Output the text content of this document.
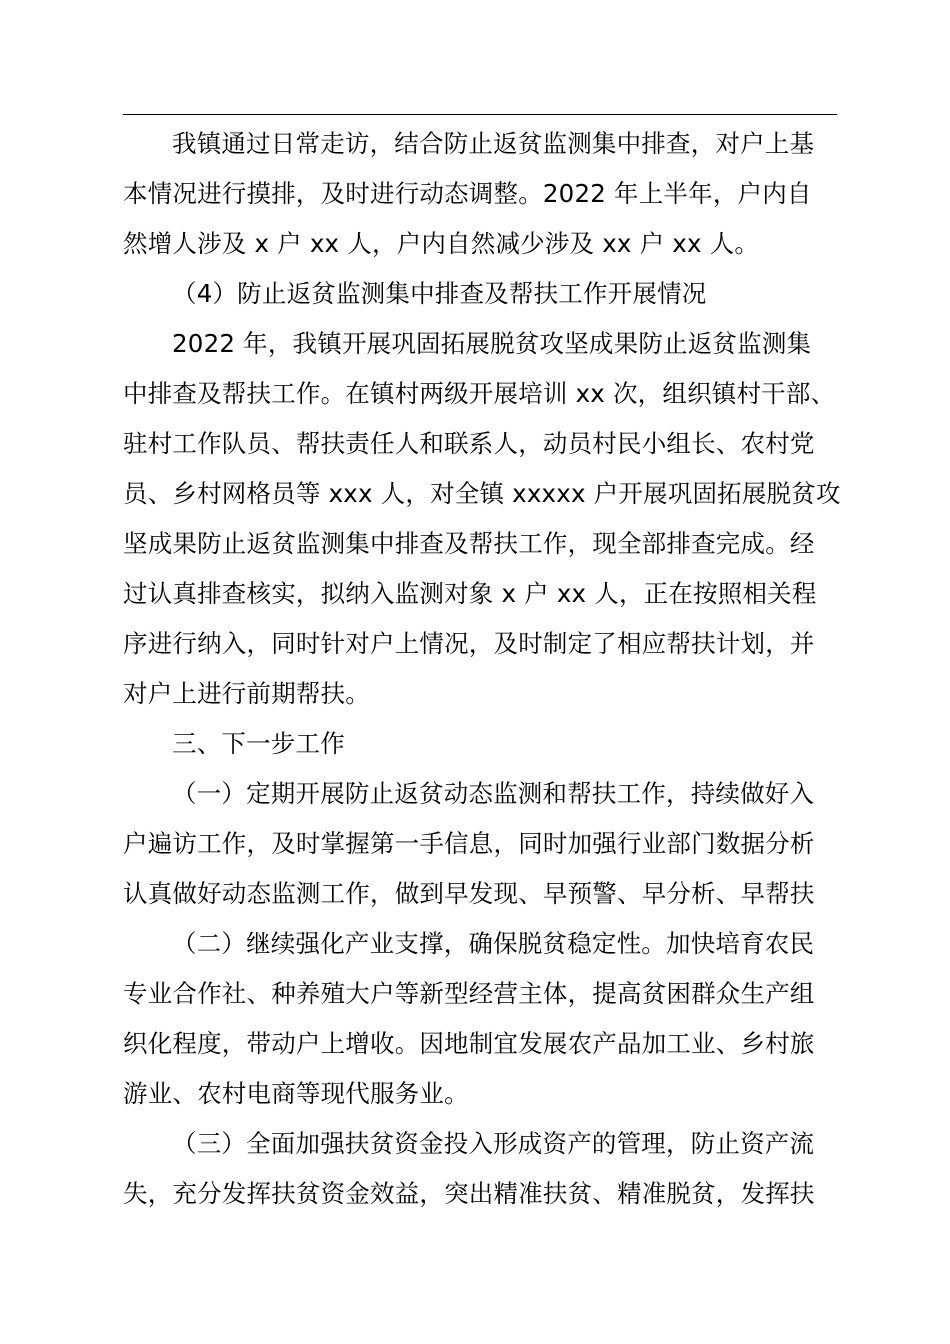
我镇通过日常走访，结合防止返贫监测集中排查，对户上基
本情况进行摸排，及时进行动态调整。2022 年上半年，户内自
然增人涉及 x 户 xx 人，户内自然减少涉及 xx 户 xx 人。
（4）防止返贫监测集中排查及帮扶工作开展情况
2022 年，我镇开展巩固拓展脱贫攻坚成果防止返贫监测集
中排查及帮扶工作。在镇村两级开展培训 xx 次，组织镇村干部、
驻村工作队员、帮扶责任人和联系人，动员村民小组长、农村党
员、乡村网格员等 xxx 人，对全镇 xxxxx 户开展巩固拓展脱贫攻
坚成果防止返贫监测集中排查及帮扶工作，现全部排查完成。经
过认真排查核实，拟纳入监测对象 x 户 xx 人，正在按照相关程
序进行纳入，同时针对户上情况，及时制定了相应帮扶计划，并
对户上进行前期帮扶。
三、下一步工作
（一）定期开展防止返贫动态监测和帮扶工作，持续做好入
户遍访工作，及时掌握第一手信息，同时加强行业部门数据分析
认真做好动态监测工作，做到早发现、早预警、早分析、早帮扶
（二）继续强化产业支撑，确保脱贫稳定性。加快培育农民
专业合作社、种养殖大户等新型经营主体，提高贫困群众生产组
织化程度，带动户上增收。因地制宜发展农产品加工业、乡村旅
游业、农村电商等现代服务业。
（三）全面加强扶贫资金投入形成资产的管理，防止资产流
失，充分发挥扶贫资金效益，突出精准扶贫、精准脱贫，发挥扶
